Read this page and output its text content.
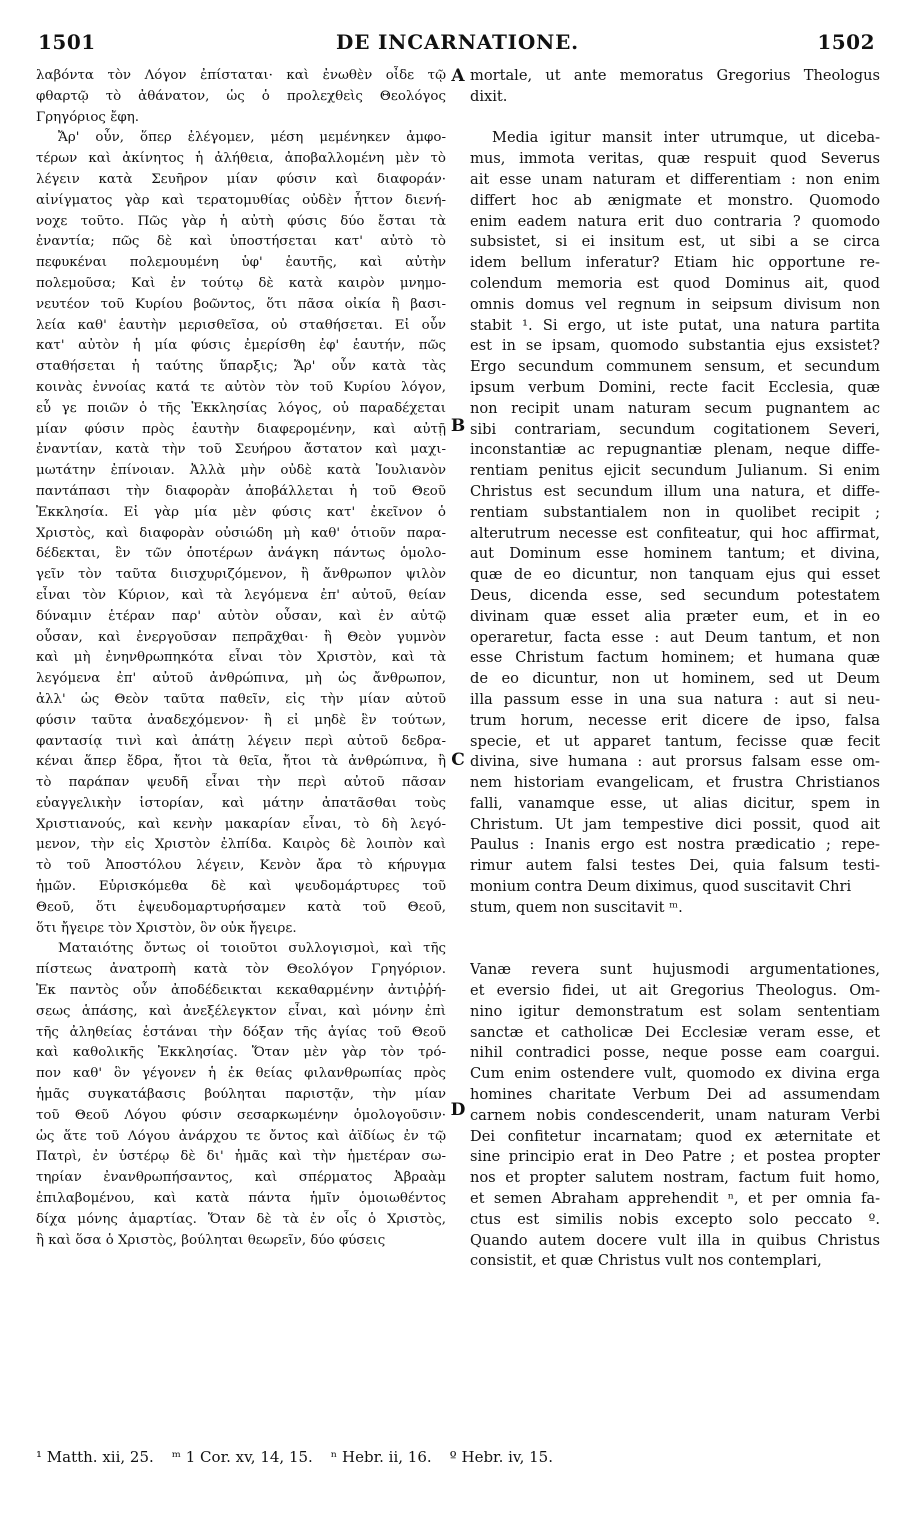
1501	DE INCARNATIONE.	1502
λαβόντα τὸν Λόγον ἐπίσταται· καὶ ἐνωθὲν οἶδε τῷ
φθαρτῷ τὸ ἀθάνατον, ὡς ὁ προλεχθεὶς Θεολόγος
Γρηγόριος ἔφη.
Ἄρ' οὖν, ὅπερ ἐλέγομεν, μέση μεμένηκεν ἀμφο-
τέρων καὶ ἀκίνητος ἡ ἀλήθεια, ἀποβαλλομένη μὲν τὸ
λέγειν κατὰ Σευῆρον μίαν φύσιν καὶ διαφοράν·
αἰνίγματος γὰρ καὶ τερατομυθίας οὐδὲν ἧττον διενή-
νοχε τοῦτο. Πῶς γὰρ ἡ αὐτὴ φύσις δύο ἔσται τὰ
ἐναντία; πῶς δὲ καὶ ὑποστήσεται κατ' αὐτὸ τὸ
πεφυκέναι πολεμουμένη ὑφ' ἑαυτῆς, καὶ αὐτὴν
πολεμοῦσα; Καὶ ἐν τούτῳ δὲ κατὰ καιρὸν μνημο-
νευτέον τοῦ Κυρίου βοῶντος, ὅτι πᾶσα οἰκία ἢ βασι-
λεία καθ' ἑαυτὴν μερισθεῖσα, οὐ σταθήσεται. Εἰ οὖν
κατ' αὐτὸν ἡ μία φύσις ἐμερίσθη ἐφ' ἑαυτήν, πῶς
σταθήσεται ἡ ταύτης ὕπαρξις; Ἄρ' οὖν κατὰ τὰς
κοινὰς ἐννοίας κατά τε αὐτὸν τὸν τοῦ Κυρίου λόγον,
εὖ γε ποιῶν ὁ τῆς Ἐκκλησίας λόγος, οὐ παραδέχεται
μίαν φύσιν πρὸς ἑαυτὴν διαφερομένην, καὶ αὐτῇ
ἐναντίαν, κατὰ τὴν τοῦ Σευήρου ἄστατον καὶ μαχι-
μωτάτην ἐπίνοιαν. Ἀλλὰ μὴν οὐδὲ κατὰ Ἰουλιανὸν
παντάπασι τὴν διαφορὰν ἀποβάλλεται ἡ τοῦ Θεοῦ
Ἐκκλησία. Εἰ γὰρ μία μὲν φύσις κατ' ἐκεῖνον ὁ
Χριστὸς, καὶ διαφορὰν οὐσιώδη μὴ καθ' ὁτιοῦν παρα-
δέδεκται, ἓν τῶν ὁποτέρων ἀνάγκη πάντως ὁμολο-
γεῖν τὸν ταῦτα διισχυριζόμενον, ἢ ἄνθρωπον ψιλὸν
εἶναι τὸν Κύριον, καὶ τὰ λεγόμενα ἐπ' αὐτοῦ, θείαν
δύναμιν ἑτέραν παρ' αὐτὸν οὖσαν, καὶ ἐν αὐτῷ
οὖσαν, καὶ ἐνεργοῦσαν πεπρᾶχθαι· ἢ Θεὸν γυμνὸν
καὶ μὴ ἐνηνθρωπηκότα εἶναι τὸν Χριστὸν, καὶ τὰ
λεγόμενα ἐπ' αὐτοῦ ἀνθρώπινα, μὴ ὡς ἄνθρωπον,
ἀλλ' ὡς Θεὸν ταῦτα παθεῖν, εἰς τὴν μίαν αὐτοῦ
φύσιν ταῦτα ἀναδεχόμενον· ἢ εἰ μηδὲ ἓν τούτων,
φαντασίᾳ τινὶ καὶ ἀπάτῃ λέγειν περὶ αὐτοῦ δεδρα-
κέναι ἅπερ ἔδρα, ἤτοι τὰ θεῖα, ἤτοι τὰ ἀνθρώπινα, ἢ
τὸ παράπαν ψευδῆ εἶναι τὴν περὶ αὐτοῦ πᾶσαν
εὐαγγελικὴν ἱστορίαν, καὶ μάτην ἀπατᾶσθαι τοὺς
Χριστιανούς, καὶ κενὴν μακαρίαν εἶναι, τὸ δὴ λεγό-
μενον, τὴν εἰς Χριστὸν ἐλπίδα. Καιρὸς δὲ λοιπὸν καὶ
τὸ τοῦ Ἀποστόλου λέγειν, Κενὸν ἄρα τὸ κήρυγμα
ἡμῶν. Εὑρισκόμεθα δὲ καὶ ψευδομάρτυρες τοῦ
Θεοῦ, ὅτι ἐψευδομαρτυρήσαμεν κατὰ τοῦ Θεοῦ,
ὅτι ἤγειρε τὸν Χριστὸν, ὃν οὐκ ἤγειρε.
Ματαιότης ὄντως οἱ τοιοῦτοι συλλογισμοὶ, καὶ τῆς
πίστεως ἀνατροπὴ κατὰ τὸν Θεολόγον Γρηγόριον.
Ἐκ παντὸς οὖν ἀποδέδεικται κεκαθαρμένην ἀντιῤῥή-
σεως ἁπάσης, καὶ ἀνεξέλεγκτον εἶναι, καὶ μόνην ἐπὶ
τῆς ἀληθείας ἑστάναι τὴν δόξαν τῆς ἁγίας τοῦ Θεοῦ
καὶ καθολικῆς Ἐκκλησίας. Ὅταν μὲν γὰρ τὸν τρό-
πον καθ' ὃν γέγονεν ἡ ἐκ θείας φιλανθρωπίας πρὸς
ἡμᾶς συγκατάβασις βούληται παριστᾷν, τὴν μίαν
τοῦ Θεοῦ Λόγου φύσιν σεσαρκωμένην ὁμολογοῦσιν·
ὡς ἅτε τοῦ Λόγου ἀνάρχου τε ὄντος καὶ ἀϊδίως ἐν τῷ
Πατρὶ, ἐν ὑστέρῳ δὲ δι' ἡμᾶς καὶ τὴν ἡμετέραν σω-
τηρίαν ἐνανθρωπήσαντος, καὶ σπέρματος Ἀβραὰμ
ἐπιλαβομένου, καὶ κατὰ πάντα ἡμῖν ὁμοιωθέντος
δίχα μόνης ἁμαρτίας. Ὅταν δὲ τὰ ἐν οἷς ὁ Χριστὸς,
ἢ καὶ ὅσα ὁ Χριστὸς, βούληται θεωρεῖν, δύο φύσεις
A
B
C
D
mortale, ut ante memoratus Gregorius Theologus
dixit.
Media igitur mansit inter utrumque, ut diceba-
mus, immota veritas, quæ respuit quod Severus
ait esse unam naturam et differentiam : non enim
differt hoc ab ænigmate et monstro. Quomodo
enim eadem natura erit duo contraria ? quomodo
subsistet, si ei insitum est, ut sibi a se circa
idem bellum inferatur? Etiam hic opportune re-
colendum memoria est quod Dominus ait, quod
omnis domus vel regnum in seipsum divisum non
stabit ¹. Si ergo, ut iste putat, una natura partita
est in se ipsam, quomodo substantia ejus exsistet?
Ergo secundum communem sensum, et secundum
ipsum verbum Domini, recte facit Ecclesia, quæ
non recipit unam naturam secum pugnantem ac
sibi contrariam, secundum cogitationem Severi,
inconstantiæ ac repugnantiæ plenam, neque diffe-
rentiam penitus ejicit secundum Julianum. Si enim
Christus est secundum illum una natura, et diffe-
rentiam substantialem non in quolibet recipit ;
alterutrum necesse est confiteatur, qui hoc affirmat,
aut Dominum esse hominem tantum; et divina,
quæ de eo dicuntur, non tanquam ejus qui esset
Deus, dicenda esse, sed secundum potestatem
divinam quæ esset alia præter eum, et in eo
operaretur, facta esse : aut Deum tantum, et non
esse Christum factum hominem; et humana quæ
de eo dicuntur, non ut hominem, sed ut Deum
illa passum esse in una sua natura : aut si neu-
trum horum, necesse erit dicere de ipso, falsa
specie, et ut apparet tantum, fecisse quæ fecit
divina, sive humana : aut prorsus falsam esse om-
nem historiam evangelicam, et frustra Christianos
falli, vanamque esse, ut alias dicitur, spem in
Christum. Ut jam tempestive dici possit, quod ait
Paulus : Inanis ergo est nostra prædicatio ; repe-
rimur autem falsi testes Dei, quia falsum testi-
monium contra Deum diximus, quod suscitavit Chri
stum, quem non suscitavit ᵐ.
Vanæ revera sunt hujusmodi argumentationes,
et eversio fidei, ut ait Gregorius Theologus. Om-
nino igitur demonstratum est solam sententiam
sanctæ et catholicæ Dei Ecclesiæ veram esse, et
nihil contradici posse, neque posse eam coargui.
Cum enim ostendere vult, quomodo ex divina erga
homines charitate Verbum Dei ad assumendam
carnem nobis condescenderit, unam naturam Verbi
Dei confitetur incarnatam; quod ex æternitate et
sine principio erat in Deo Patre ; et postea propter
nos et propter salutem nostram, factum fuit homo,
et semen Abraham apprehendit ⁿ, et per omnia fa-
ctus est similis nobis excepto solo peccato º.
Quando autem docere vult illa in quibus Christus
consistit, et quæ Christus vult nos contemplari,
¹ Matth. xii, 25. ᵐ 1 Cor. xv, 14, 15. ⁿ Hebr. ii, 16. º Hebr. iv, 15.
